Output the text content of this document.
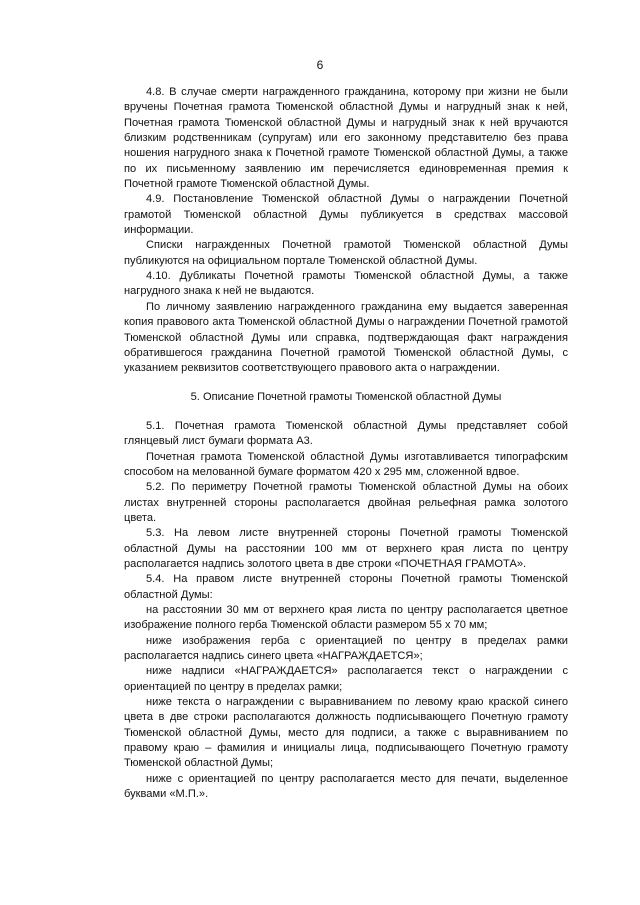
6

4.8. В случае смерти награжденного гражданина, которому при жизни не были вручены Почетная грамота Тюменской областной Думы и нагрудный знак к ней, Почетная грамота Тюменской областной Думы и нагрудный знак к ней вручаются близким родственникам (супругам) или его законному представителю без права ношения нагрудного знака к Почетной грамоте Тюменской областной Думы, а также по их письменному заявлению им перечисляется единовременная премия к Почетной грамоте Тюменской областной Думы.

4.9. Постановление Тюменской областной Думы о награждении Почетной грамотой Тюменской областной Думы публикуется в средствах массовой информации.

Списки награжденных Почетной грамотой Тюменской областной Думы публикуются на официальном портале Тюменской областной Думы.

4.10. Дубликаты Почетной грамоты Тюменской областной Думы, а также нагрудного знака к ней не выдаются.

По личному заявлению награжденного гражданина ему выдается заверенная копия правового акта Тюменской областной Думы о награждении Почетной грамотой Тюменской областной Думы или справка, подтверждающая факт награждения обратившегося гражданина Почетной грамотой Тюменской областной Думы, с указанием реквизитов соответствующего правового акта о награждении.

5. Описание Почетной грамоты Тюменской областной Думы

5.1. Почетная грамота Тюменской областной Думы представляет собой глянцевый лист бумаги формата А3.

Почетная грамота Тюменской областной Думы изготавливается типографским способом на мелованной бумаге форматом 420 х 295 мм, сложенной вдвое.

5.2. По периметру Почетной грамоты Тюменской областной Думы на обоих листах внутренней стороны располагается двойная рельефная рамка золотого цвета.

5.3. На левом листе внутренней стороны Почетной грамоты Тюменской областной Думы на расстоянии 100 мм от верхнего края листа по центру располагается надпись золотого цвета в две строки «ПОЧЕТНАЯ ГРАМОТА».

5.4. На правом листе внутренней стороны Почетной грамоты Тюменской областной Думы:

на расстоянии 30 мм от верхнего края листа по центру располагается цветное изображение полного герба Тюменской области размером 55 х 70 мм;

ниже изображения герба с ориентацией по центру в пределах рамки располагается надпись синего цвета «НАГРАЖДАЕТСЯ»;

ниже надписи «НАГРАЖДАЕТСЯ» располагается текст о награждении с ориентацией по центру в пределах рамки;

ниже текста о награждении с выравниванием по левому краю краской синего цвета в две строки располагаются должность подписывающего Почетную грамоту Тюменской областной Думы, место для подписи, а также с выравниванием по правому краю – фамилия и инициалы лица, подписывающего Почетную грамоту Тюменской областной Думы;

ниже с ориентацией по центру располагается место для печати, выделенное буквами «М.П.».
